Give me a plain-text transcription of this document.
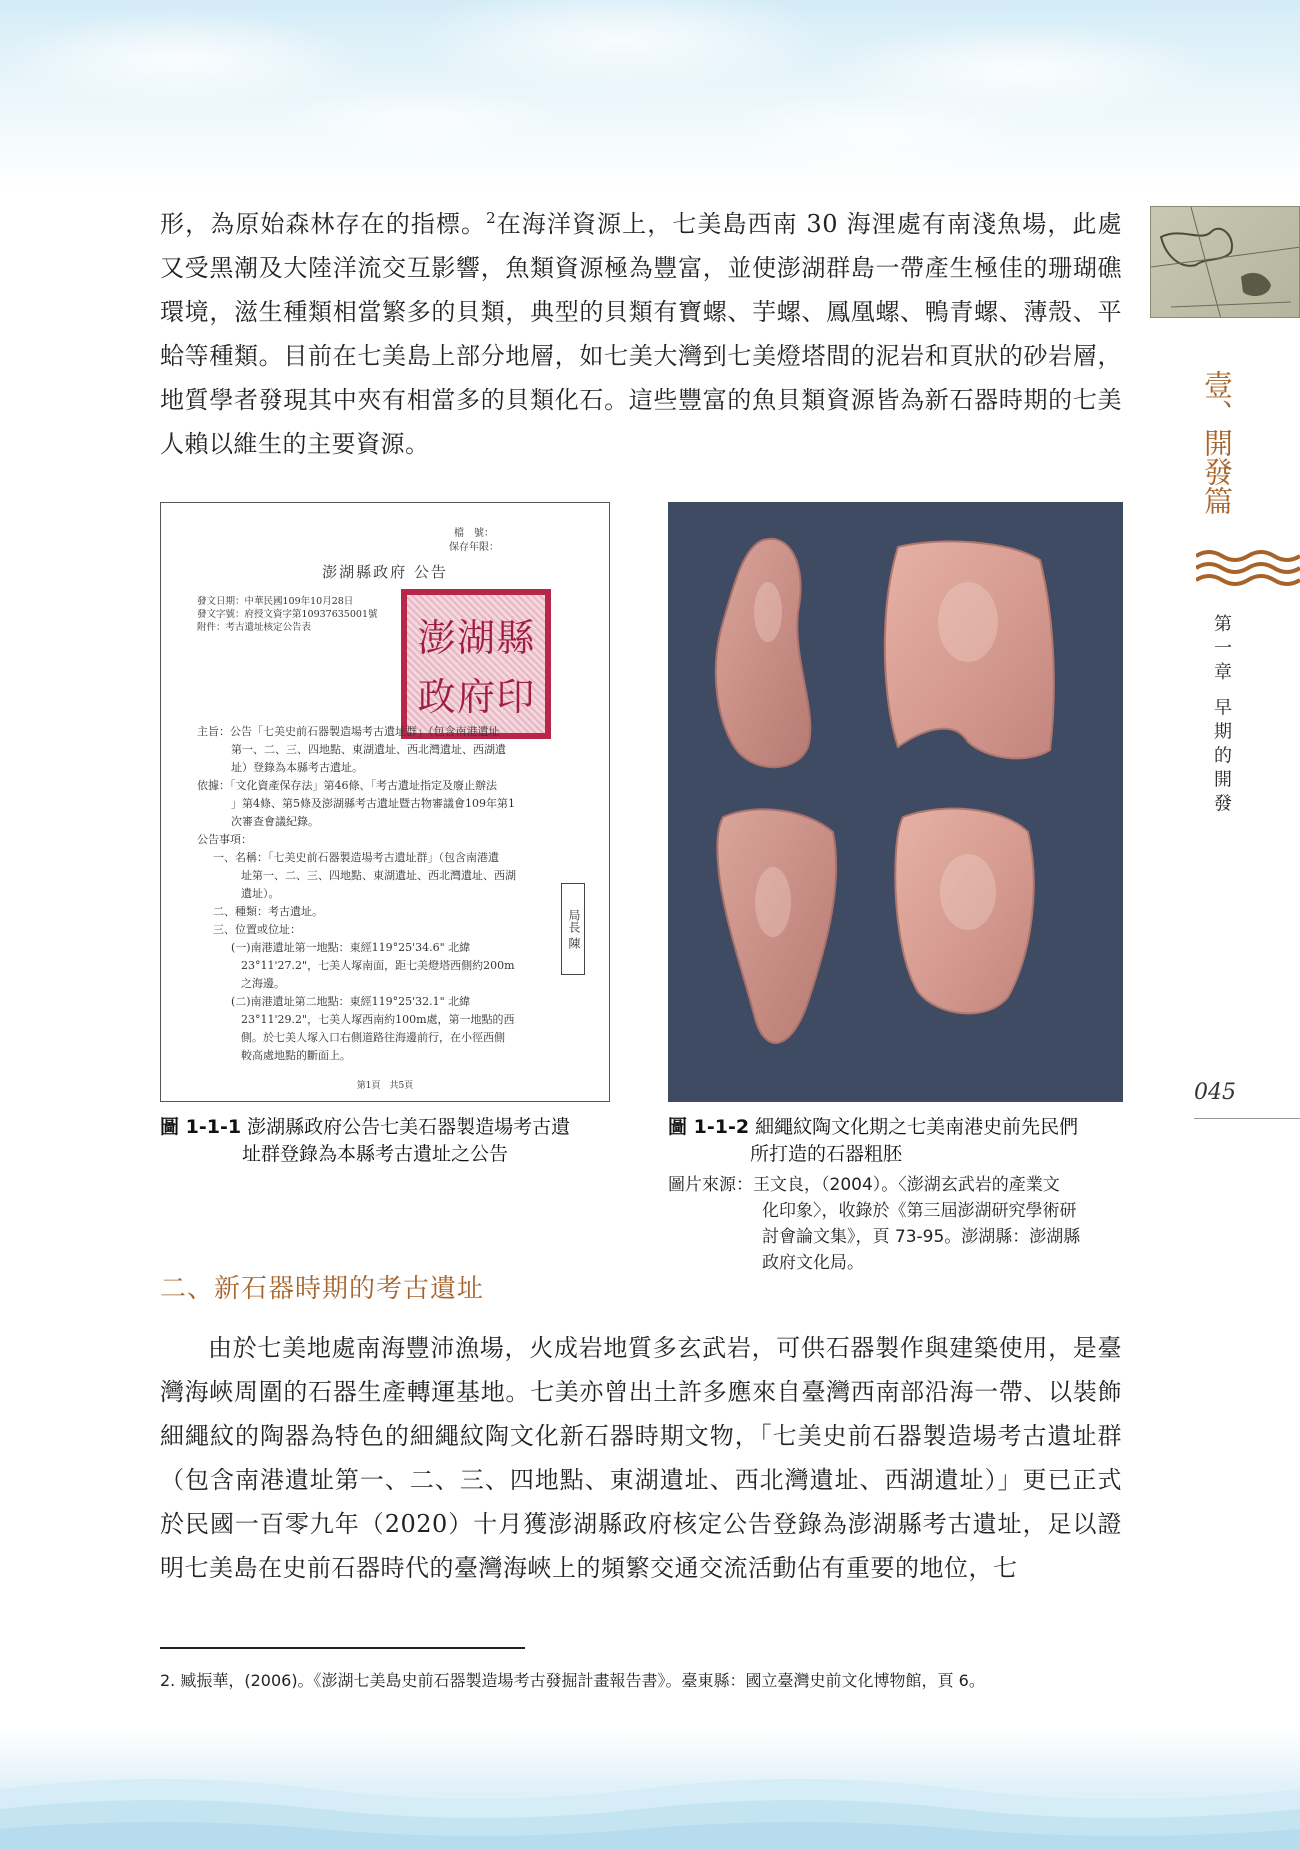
形，為原始森林存在的指標。$^2$在海洋資源上，七美島西南 30 海浬處有南淺魚場，此處又受黑潮及大陸洋流交互影響，魚類資源極為豐富，並使澎湖群島一帶產生極佳的珊瑚礁環境，滋生種類相當繁多的貝類，典型的貝類有寶螺、芋螺、鳳凰螺、鴨青螺、薄殼、平蛤等種類。目前在七美島上部分地層，如七美大灣到七美燈塔間的泥岩和頁狀的砂岩層，地質學者發現其中夾有相當多的貝類化石。這些豐富的魚貝類資源皆為新石器時期的七美人賴以維生的主要資源。

檔　號：
保存年限：
澎湖縣政府 公告
發文日期：中華民國109年10月28日
發文字號：府授文資字第10937635001號
附件：考古遺址核定公告表	澎 湖 縣
政 府 印

主旨：公告「七美史前石器製造場考古遺址群」（包含南港遺址

第一、二、三、四地點、東湖遺址、西北灣遺址、西湖遺

址）登錄為本縣考古遺址。

依據：「文化資產保存法」第46條、「考古遺址指定及廢止辦法

」第4條、第5條及澎湖縣考古遺址暨古物審議會109年第1

次審查會議紀錄。

公告事項：

一、名稱：「七美史前石器製造場考古遺址群」（包含南港遺

址第一、二、三、四地點、東湖遺址、西北灣遺址、西湖

遺址）。

二、種類：考古遺址。

三、位置或位址：

(一)南港遺址第一地點：東經119°25'34.6" 北緯

23°11'27.2"，七美人塚南面，距七美燈塔西側約200m

之海邊。

(二)南港遺址第二地點：東經119°25'32.1" 北緯

23°11'29.2"，七美人塚西南約100m處，第一地點的西

側。於七美人塚入口右側道路往海邊前行，在小徑西側

較高處地點的斷面上。

局長 陳
第1頁　共5頁
圖 1-1-1 澎湖縣政府公告七美石器製造場考古遺
址群登錄為本縣考古遺址之公告
圖 1-1-2 細繩紋陶文化期之七美南港史前先民們
所打造的石器粗胚
圖片來源：王文良，（2004）。〈澎湖玄武岩的產業文
化印象〉，收錄於《第三屆澎湖研究學術研
討會論文集》，頁 73-95。澎湖縣：澎湖縣
政府文化局。
二、新石器時期的考古遺址

由於七美地處南海豐沛漁場，火成岩地質多玄武岩，可供石器製作與建築使用，是臺灣海峽周圍的石器生產轉運基地。七美亦曾出土許多應來自臺灣西南部沿海一帶、以裝飾細繩紋的陶器為特色的細繩紋陶文化新石器時期文物，「七美史前石器製造場考古遺址群（包含南港遺址第一、二、三、四地點、東湖遺址、西北灣遺址、西湖遺址）」更已正式於民國一百零九年（2020）十月獲澎湖縣政府核定公告登錄為澎湖縣考古遺址，足以證明七美島在史前石器時代的臺灣海峽上的頻繁交通交流活動佔有重要的地位，七

2. 臧振華，(2006)。《澎湖七美島史前石器製造場考古發掘計畫報告書》。臺東縣：國立臺灣史前文化博物館，頁 6。

壹、開發篇
第一章 早期的開發
045
